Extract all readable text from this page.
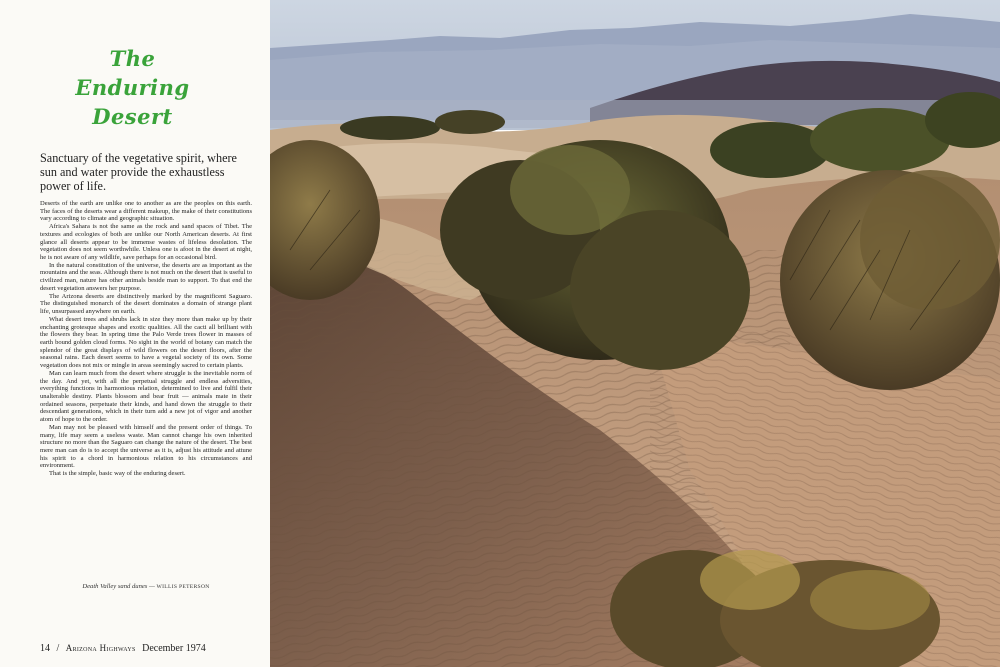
The
Enduring
Desert
Sanctuary of the vegetative spirit, where sun and water provide the exhaustless power of life.

Deserts of the earth are unlike one to another as are the peoples on this earth. The faces of the deserts wear a different makeup, the make of their constitutions vary according to climate and geographic situation.

Africa's Sahara is not the same as the rock and sand spaces of Tibet. The textures and ecologies of both are unlike our North American deserts. At first glance all deserts appear to be immense wastes of lifeless desolation. The vegetation does not seem worthwhile. Unless one is afoot in the desert at night, he is not aware of any wildlife, save perhaps for an occasional bird.

In the natural constitution of the universe, the deserts are as important as the mountains and the seas. Although there is not much on the desert that is useful to civilized man, nature has other animals beside man to support. To that end the desert vegetation answers her purpose.

The Arizona deserts are distinctively marked by the magnificent Saguaro. The distinguished monarch of the desert dominates a domain of strange plant life, unsurpassed anywhere on earth.

What desert trees and shrubs lack in size they more than make up by their enchanting grotesque shapes and exotic qualities. All the cacti all brilliant with the flowers they bear. In spring time the Palo Verde trees flower in masses of earth bound golden cloud forms. No sight in the world of botany can match the splendor of the great displays of wild flowers on the desert floors, after the seasonal rains. Each desert seems to have a vegetal society of its own. Some vegetation does not mix or mingle in areas seemingly sacred to certain plants.

Man can learn much from the desert where struggle is the inevitable norm of the day. And yet, with all the perpetual struggle and endless adversities, everything functions in harmonious relation, determined to live and fulfil their unalterable destiny. Plants blossom and bear fruit — animals mate in their ordained seasons, perpetuate their kinds, and hand down the struggle to their descendant generations, which in their turn add a new jot of vigor and another atom of hope to the order.

Man may not be pleased with himself and the present order of things. To many, life may seem a useless waste. Man cannot change his own inherited structure no more than the Saguaro can change the nature of the desert. The best mere man can do is to accept the universe as it is, adjust his attitude and attune his spirit to a chord in harmonious relation to his circumstances and environment.

That is the simple, basic way of the enduring desert.

Death Valley sand dunes — WILLIS PETERSON
14 / Arizona Highways December 1974
